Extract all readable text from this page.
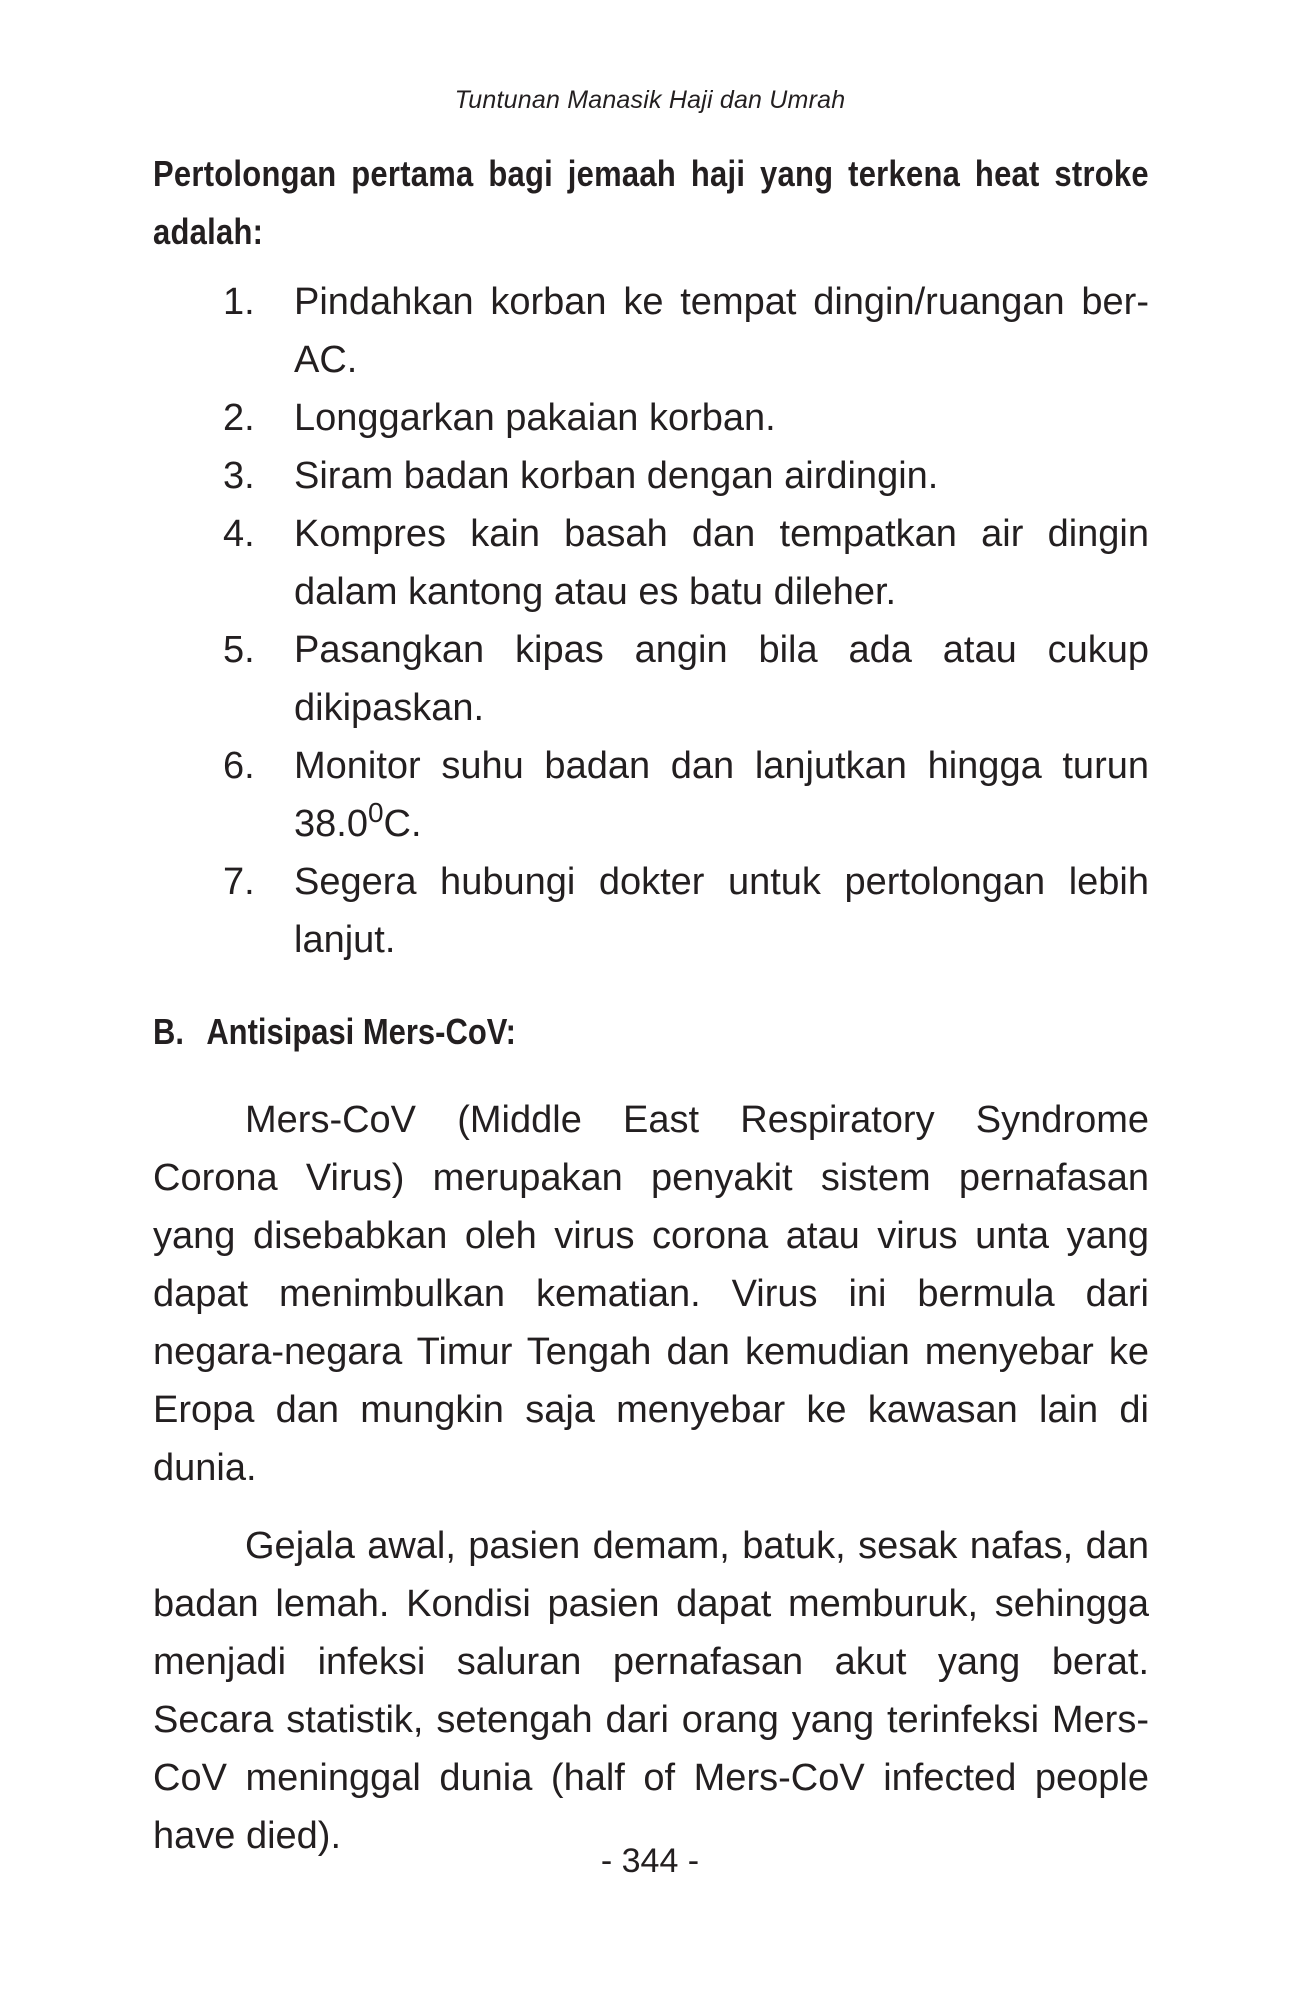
Tuntunan Manasik Haji dan Umrah

Pertolongan pertama bagi jemaah haji yang terkena heat stroke adalah:

1. Pindahkan korban ke tempat dingin/ruangan ber-AC.
2. Longgarkan pakaian korban.
3. Siram badan korban dengan airdingin.
4. Kompres kain basah dan tempatkan air dingin dalam kantong atau es batu dileher.
5. Pasangkan kipas angin bila ada atau cukup dikipaskan.
6. Monitor suhu badan dan lanjutkan hingga turun 38.0$^0$C.
7. Segera hubungi dokter untuk pertolongan lebih lanjut.
B. Antisipasi Mers-CoV:

Mers-CoV (Middle East Respiratory Syndrome Corona Virus) merupakan penyakit sistem pernafasan yang disebabkan oleh virus corona atau virus unta yang dapat menimbulkan kematian. Virus ini bermula dari negara-negara Timur Tengah dan kemudian menyebar ke Eropa dan mungkin saja menyebar ke kawasan lain di dunia.

Gejala awal, pasien demam, batuk, sesak nafas, dan badan lemah. Kondisi pasien dapat memburuk, sehingga menjadi infeksi saluran pernafasan akut yang berat. Secara statistik, setengah dari orang yang terinfeksi Mers-CoV meninggal dunia (half of Mers-CoV infected people have died).

- 344 -
